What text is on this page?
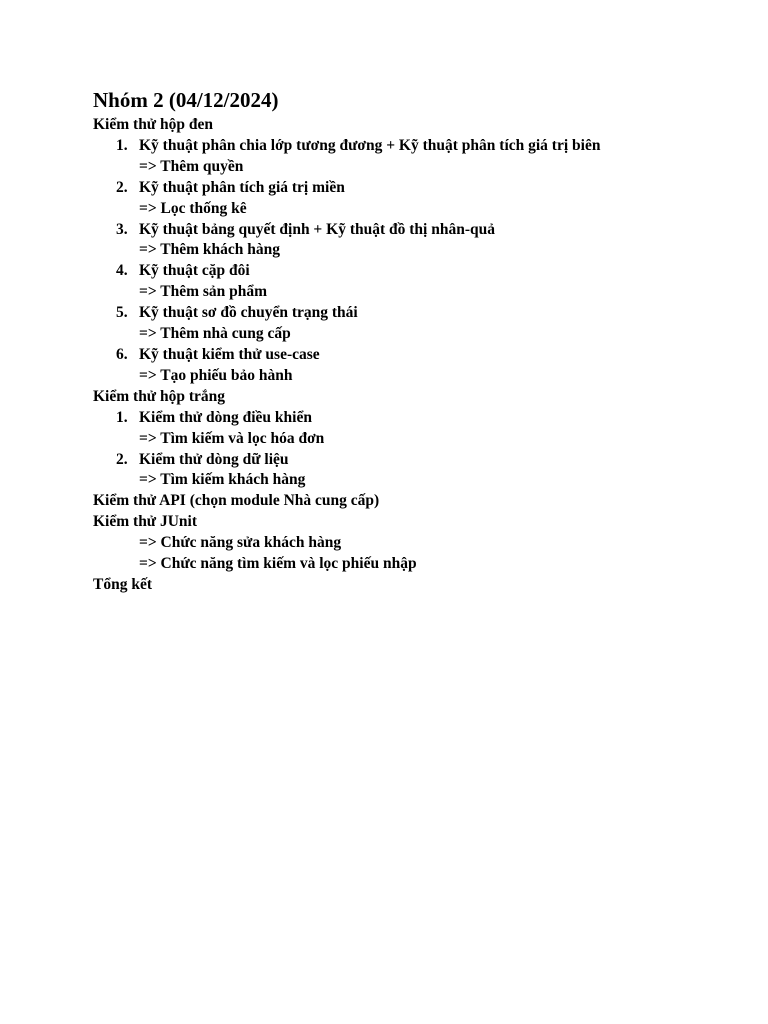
Nhóm 2 (04/12/2024)
Kiểm thử hộp đen
1. Kỹ thuật phân chia lớp tương đương + Kỹ thuật phân tích giá trị biên
=> Thêm quyền
2. Kỹ thuật phân tích giá trị miền
=> Lọc thống kê
3. Kỹ thuật bảng quyết định + Kỹ thuật đồ thị nhân-quả
=> Thêm khách hàng
4. Kỹ thuật cặp đôi
=> Thêm sản phẩm
5. Kỹ thuật sơ đồ chuyển trạng thái
=> Thêm nhà cung cấp
6. Kỹ thuật kiểm thử use-case
=> Tạo phiếu bảo hành
Kiểm thử hộp trắng
1. Kiểm thử dòng điều khiển
=> Tìm kiếm và lọc hóa đơn
2. Kiểm thử dòng dữ liệu
=> Tìm kiếm khách hàng
Kiểm thử API (chọn module Nhà cung cấp)
Kiểm thử JUnit
=> Chức năng sửa khách hàng
=> Chức năng tìm kiếm và lọc phiếu nhập
Tổng kết
